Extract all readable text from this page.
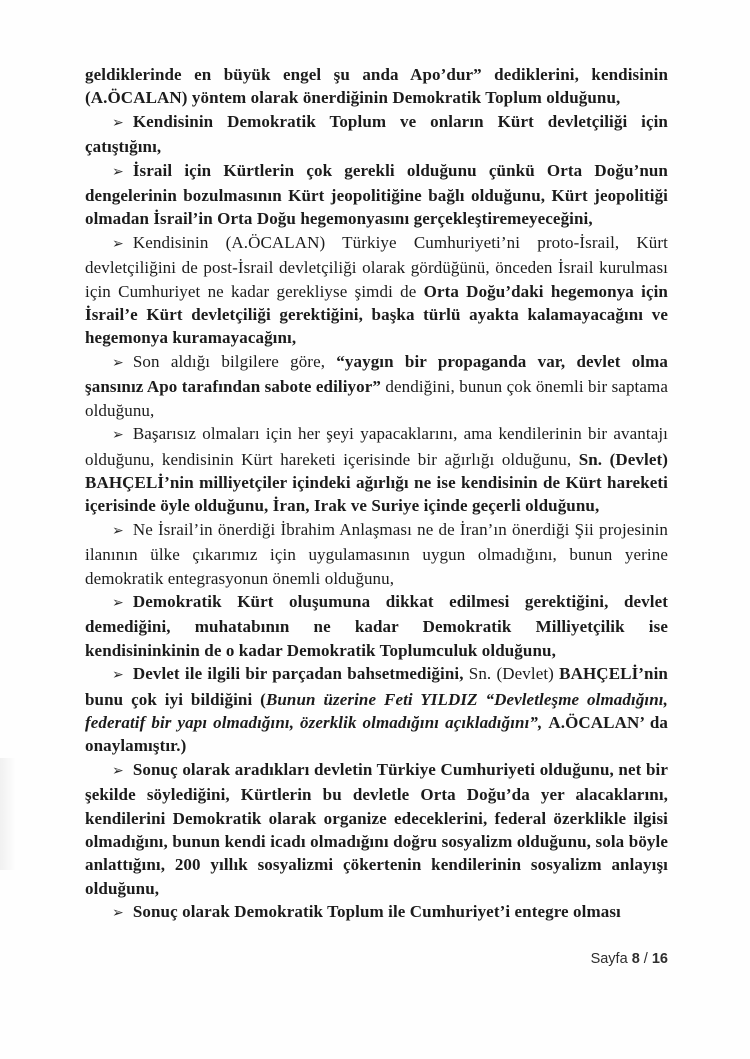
geldiklerinde en büyük engel şu anda Apo’dur” dediklerini, kendisinin (A.ÖCALAN) yöntem olarak önerdiğinin Demokratik Toplum olduğunu,

➢ Kendisinin Demokratik Toplum ve onların Kürt devletçiliği için çatıştığını,

➢ İsrail için Kürtlerin çok gerekli olduğunu çünkü Orta Doğu’nun dengelerinin bozulmasının Kürt jeopolitiğine bağlı olduğunu, Kürt jeopolitiği olmadan İsrail’in Orta Doğu hegemonyasını gerçekleştiremeyeceğini,

➢ Kendisinin (A.ÖCALAN) Türkiye Cumhuriyeti’ni proto-İsrail, Kürt devletçiliğini de post-İsrail devletçiliği olarak gördüğünü, önceden İsrail kurulması için Cumhuriyet ne kadar gerekliyse şimdi de Orta Doğu’daki hegemonya için İsrail’e Kürt devletçiliği gerektiğini, başka türlü ayakta kalamayacağını ve hegemonya kuramayacağını,

➢ Son aldığı bilgilere göre, “yaygın bir propaganda var, devlet olma şansınız Apo tarafından sabote ediliyor” dendiğini, bunun çok önemli bir saptama olduğunu,

➢ Başarısız olmaları için her şeyi yapacaklarını, ama kendilerinin bir avantajı olduğunu, kendisinin Kürt hareketi içerisinde bir ağırlığı olduğunu, Sn. (Devlet) BAHÇELİ’nin milliyetçiler içindeki ağırlığı ne ise kendisinin de Kürt hareketi içerisinde öyle olduğunu, İran, Irak ve Suriye içinde geçerli olduğunu,

➢ Ne İsrail’in önerdiği İbrahim Anlaşması ne de İran’ın önerdiği Şii projesinin ilanının ülke çıkarımız için uygulamasının uygun olmadığını, bunun yerine demokratik entegrasyonun önemli olduğunu,

➢ Demokratik Kürt oluşumuna dikkat edilmesi gerektiğini, devlet demediğini, muhatabının ne kadar Demokratik Milliyetçilik ise kendisininkinin de o kadar Demokratik Toplumculuk olduğunu,

➢ Devlet ile ilgili bir parçadan bahsetmediğini, Sn. (Devlet) BAHÇELİ’nin bunu çok iyi bildiğini (Bunun üzerine Feti YILDIZ “Devletleşme olmadığını, federatif bir yapı olmadığını, özerklik olmadığını açıkladığını”, A.ÖCALAN’ da onaylamıştır.)

➢ Sonuç olarak aradıkları devletin Türkiye Cumhuriyeti olduğunu, net bir şekilde söylediğini, Kürtlerin bu devletle Orta Doğu’da yer alacaklarını, kendilerini Demokratik olarak organize edeceklerini, federal özerklikle ilgisi olmadığını, bunun kendi icadı olmadığını doğru sosyalizm olduğunu, sola böyle anlattığını, 200 yıllık sosyalizmi çökertenin kendilerinin sosyalizm anlayışı olduğunu,

➢ Sonuç olarak Demokratik Toplum ile Cumhuriyet’i entegre olması

Sayfa 8 / 16
